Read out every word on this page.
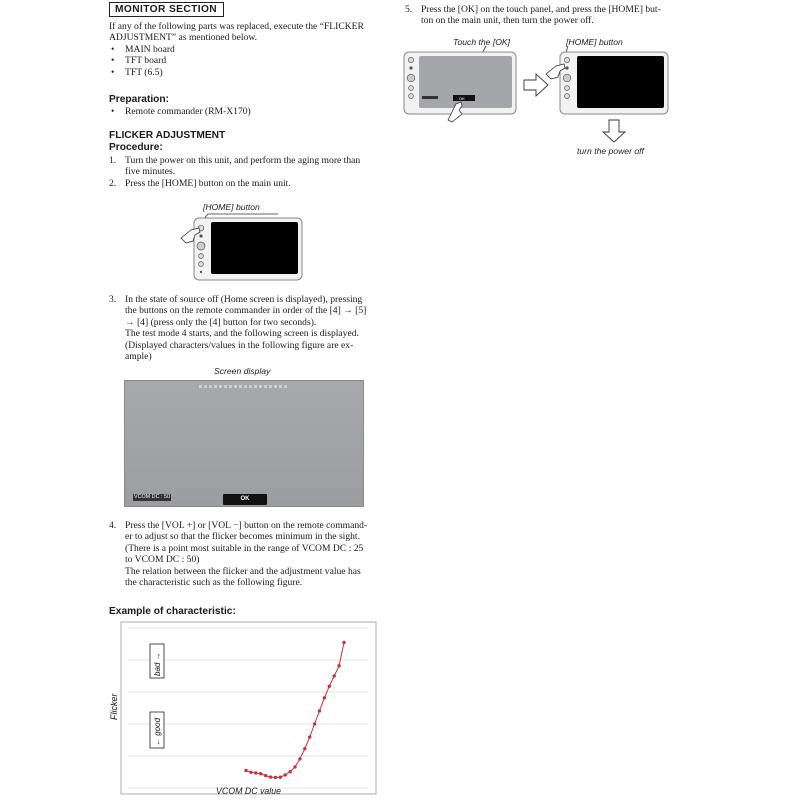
MONITOR SECTION
If any of the following parts was replaced, execute the “FLICKER
ADJUSTMENT” as mentioned below.
• MAIN board
• TFT board
• TFT (6.5)
Preparation:
• Remote commander (RM-X170)
FLICKER ADJUSTMENT
Procedure:
1. Turn the power on this unit, and perform the aging more than
five minutes.
2. Press the [HOME] button on the main unit.
[HOME] button
3. In the state of source off (Home screen is displayed), pressing
the buttons on the remote commander in order of the [4] → [5]
→ [4] (press only the [4] button for two seconds).
The test mode 4 starts, and the following screen is displayed.
(Displayed characters/values in the following figure are ex-
ample)
Screen display
VCOM DC : 50	OK
4. Press the [VOL +] or [VOL −] button on the remote command-
er to adjust so that the flicker becomes minimum in the sight.
(There is a point most suitable in the range of VCOM DC : 25
to VCOM DC : 50)
The relation between the flicker and the adjustment value has
the characteristic such as the following figure.
Example of characteristic:
bad →
← good
Flicker
VCOM DC value
5. Press the [OK] on the touch panel, and press the [HOME] but-
ton on the main unit, then turn the power off.
Touch the [OK]	[HOME] button
OK
turn the power off
